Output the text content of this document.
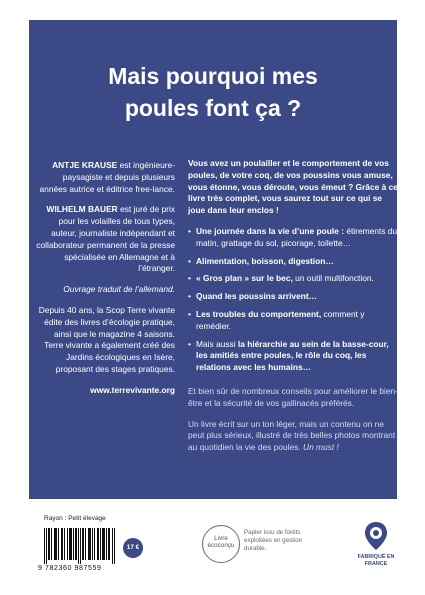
Mais pourquoi mes
poules font ça ?

ANTJE KRAUSE est ingénieure-paysagiste et depuis plusieurs années autrice et éditrice free-lance.

WILHELM BAUER est juré de prix pour les volailles de tous types, auteur, journaliste indépendant et collaborateur permanent de la presse spécialisée en Allemagne et à l’étranger.

Ouvrage traduit de l’allemand.

Depuis 40 ans, la Scop Terre vivante édite des livres d’écologie pratique, ainsi que le magazine 4 saisons. Terre vivante a également créé des Jardins écologiques en Isère, proposant des stages pratiques.

www.terrevivante.org

Vous avez un poulailler et le comportement de vos poules, de votre coq, de vos poussins vous amuse, vous étonne, vous déroute, vous émeut ? Grâce à ce livre très complet, vous saurez tout sur ce qui se joue dans leur enclos !

• Une journée dans la vie d’une poule : étirements du matin, grattage du sol, picorage, toilette…
• Alimentation, boisson, digestion…
• « Gros plan » sur le bec, un outil multifonction.
• Quand les poussins arrivent…
• Les troubles du comportement, comment y remédier.
• Mais aussi la hiérarchie au sein de la basse-cour, les amitiés entre poules, le rôle du coq, les relations avec les humains…

Et bien sûr de nombreux conseils pour améliorer le bien-être et la sécurité de vos gallinacés préférés.

Un livre écrit sur un ton léger, mais un contenu on ne peut plus sérieux, illustré de très belles photos montrant au quotidien la vie des poules. Un must !

Rayon : Petit élevage
9 782360 987559
17 €
Livre
écoconçu
Papier issu de forêts exploitées en gestion durable.
FABRIQUÉ EN FRANCE
